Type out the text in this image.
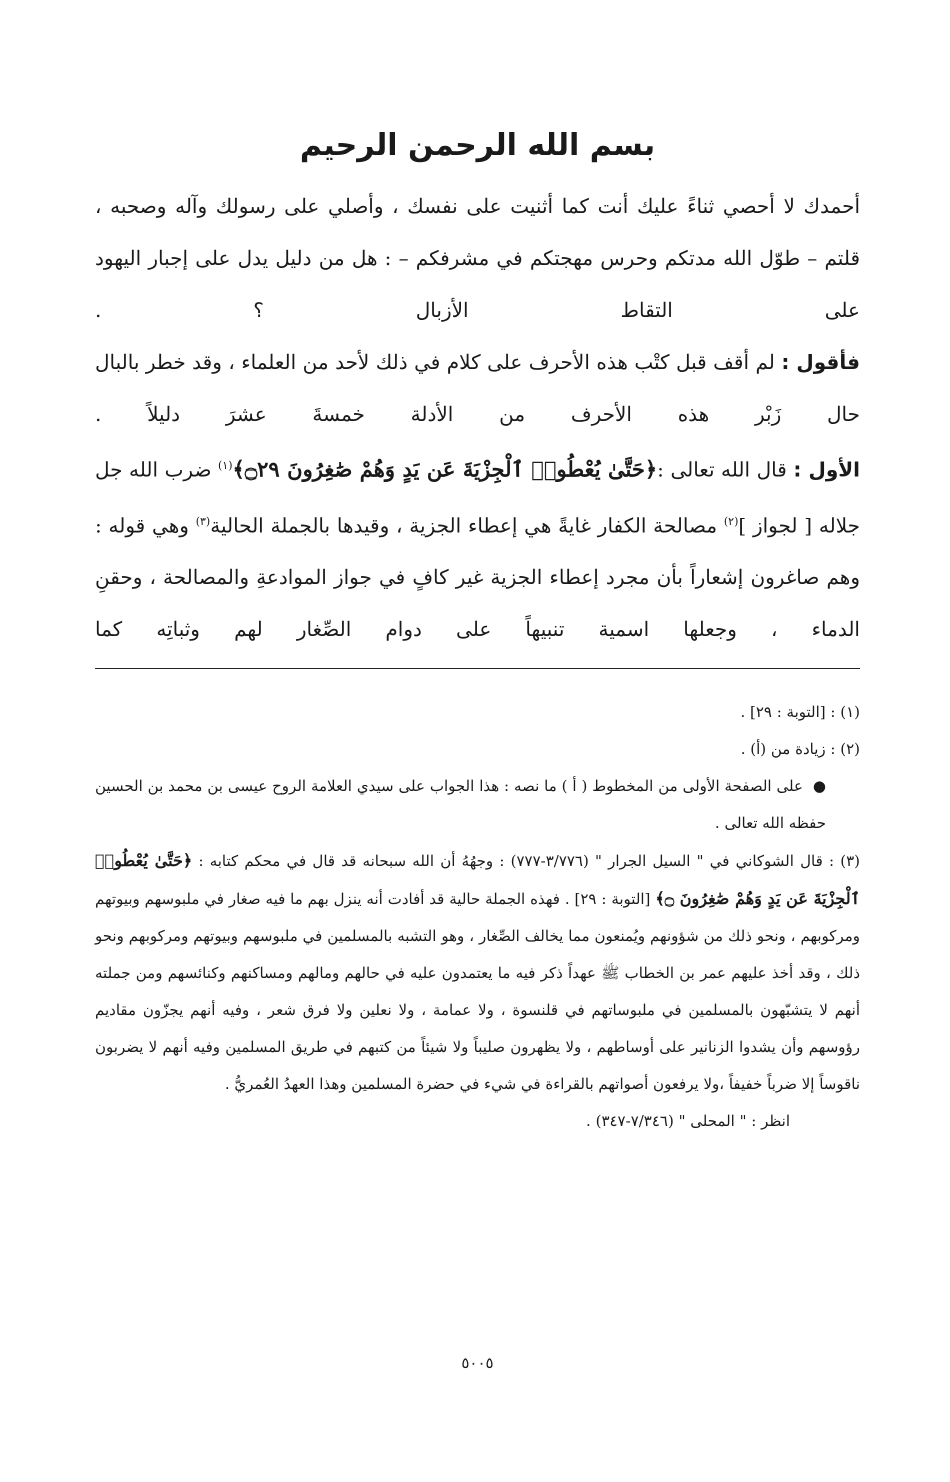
بسم الله الرحمن الرحيم

أحمدك لا أحصي ثناءً عليك أنت كما أثنيت على نفسك ، وأصلي على رسولك وآله وصحبه ، قلتم – طوّل الله مدتكم وحرس مهجتكم في مشرفكم – : هل من دليل يدل على إجبار اليهود على التقاط الأزبال ؟ .

فأقول : لم أقف قبل كتْب هذه الأحرف على كلام في ذلك لأحد من العلماء ، وقد خطر بالبال حال زَبْر هذه الأحرف من الأدلة خمسةَ عشرَ دليلاً .

الأول : قال الله تعالى :﴿حَتَّىٰ يُعْطُوا۟ ٱلْجِزْيَةَ عَن يَدٍ وَهُمْ صَٰغِرُونَ ۝٢٩﴾$^{(١)}$ ضرب الله جل جلاله [ لجواز ]$^{(٢)}$ مصالحة الكفار غايةً هي إعطاء الجزية ، وقيدها بالجملة الحالية$^{(٣)}$ وهي قوله : وهم صاغرون إشعاراً بأن مجرد إعطاء الجزية غير كافٍ في جواز الموادعةِ والمصالحة ، وحقنِ الدماء ، وجعلها اسمية تنبيهاً على دوام الصِّغار لهم وثباتِه كما

(١) : [التوبة : ٢٩] .

(٢) : زيادة من (أ) .

●على الصفحة الأولى من المخطوط ( أ ) ما نصه : هذا الجواب على سيدي العلامة الروح عيسى بن محمد بن الحسين حفظه الله تعالى .

(٣) : قال الشوكاني في " السيل الجرار " (٣/٧٧٦-٧٧٧) : وجهُهُ أن الله سبحانه قد قال في محكم كتابه : ﴿حَتَّىٰ يُعْطُوا۟ ٱلْجِزْيَةَ عَن يَدٍ وَهُمْ صَٰغِرُونَ ۝﴾ [التوبة : ٢٩] . فهذه الجملة حالية قد أفادت أنه ينزل بهم ما فيه صغار في ملبوسهم وبيوتهم ومركوبهم ، ونحو ذلك من شؤونهم ويُمنعون مما يخالف الصِّغار ، وهو التشبه بالمسلمين في ملبوسهم وبيوتهم ومركوبهم ونحو ذلك ، وقد أخذ عليهم عمر بن الخطاب ﷺ عهداً ذكر فيه ما يعتمدون عليه في حالهم ومالهم ومساكنهم وكنائسهم ومن جملته أنهم لا يتشبّهون بالمسلمين في ملبوساتهم في قلنسوة ، ولا عمامة ، ولا نعلين ولا فرق شعر ، وفيه أنهم يجزّون مقاديم رؤوسهم وأن يشدوا الزنانير على أوساطهم ، ولا يظهرون صليباً ولا شيئاً من كتبهم في طريق المسلمين وفيه أنهم لا يضربون ناقوساً إلا ضرباً خفيفاً ،ولا يرفعون أصواتهم بالقراءة في شيء في حضرة المسلمين وهذا العهدُ العُمريُّ .

انظر : " المحلى " (٧/٣٤٦-٣٤٧) .

٥٠٠٥
